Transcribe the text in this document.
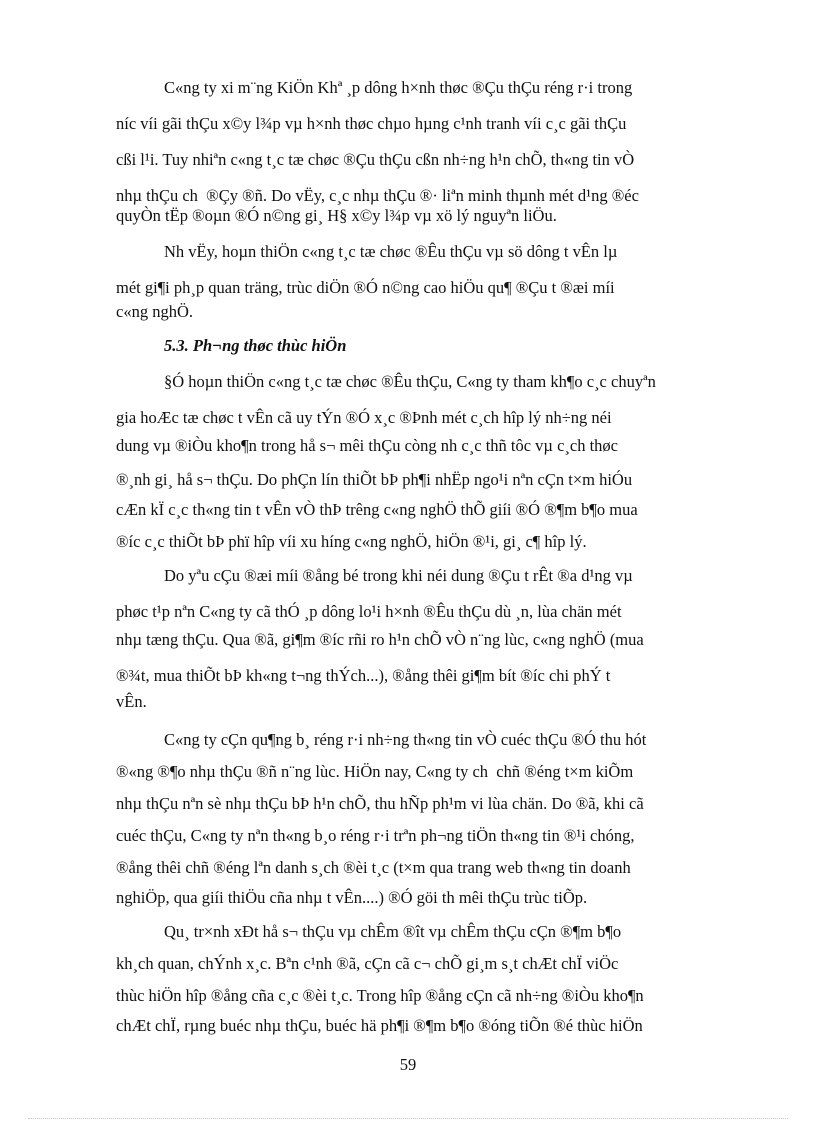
C«ng ty xi m¨ng KiÖn Khª ¸p dông h×nh thøc ®Çu thÇu réng r·i trong
níc víi gãi thÇu x©y l¾p vµ h×nh thøc chµo hµng c¹nh tranh víi c¸c gãi thÇu
cßi l¹i. Tuy nhiªn c«ng t¸c tæ chøc ®Çu thÇu cßn nh÷ng h¹n chÕ, th«ng tin vÒ
nhµ thÇu ch  ®Çy ®ñ. Do vËy, c¸c nhµ thÇu ®· liªn minh thµnh mét d¹ng ®éc
quyÒn tËp ®oµn ®Ó n©ng gi¸ H§ x©y l¾p vµ xö lý nguyªn liÖu.
Nh vËy, hoµn thiÖn c«ng t¸c tæ chøc ®Êu thÇu vµ sö dông t vÊn lµ
mét gi¶i ph¸p quan träng, trùc diÖn ®Ó n©ng cao hiÖu qu¶ ®Çu t ®æi míi
c«ng nghÖ.
5.3. Ph¬ng thøc thùc hiÖn
§Ó hoµn thiÖn c«ng t¸c tæ chøc ®Êu thÇu, C«ng ty tham kh¶o c¸c chuyªn
gia hoÆc tæ chøc t vÊn cã uy tÝn ®Ó x¸c ®Þnh mét c¸ch hîp lý nh÷ng néi
dung vµ ®iÒu kho¶n trong hå s¬ mêi thÇu còng nh c¸c thñ tôc vµ c¸ch thøc
®¸nh gi¸ hå s¬ thÇu. Do phÇn lín thiÕt bÞ ph¶i nhËp ngo¹i nªn cÇn t×m hiÓu
cÆn kÏ c¸c th«ng tin t vÊn vÒ thÞ trêng c«ng nghÖ thÕ giíi ®Ó ®¶m b¶o mua
®íc c¸c thiÕt bÞ phï hîp víi xu híng c«ng nghÖ, hiÖn ®¹i, gi¸ c¶ hîp lý.
Do yªu cÇu ®æi míi ®ång bé trong khi néi dung ®Çu t rÊt ®a d¹ng vµ
phøc t¹p nªn C«ng ty cã thÓ ¸p dông lo¹i h×nh ®Êu thÇu dù ¸n, lùa chän mét
nhµ tæng thÇu. Qua ®ã, gi¶m ®íc rñi ro h¹n chÕ vÒ n¨ng lùc, c«ng nghÖ (mua
®¾t, mua thiÕt bÞ kh«ng t¬ng thÝch...), ®ång thêi gi¶m bít ®íc chi phÝ t
vÊn.
C«ng ty cÇn qu¶ng b¸ réng r·i nh÷ng th«ng tin vÒ cuéc thÇu ®Ó thu hót
®«ng ®¶o nhµ thÇu ®ñ n¨ng lùc. HiÖn nay, C«ng ty ch  chñ ®éng t×m kiÕm
nhµ thÇu nªn sè nhµ thÇu bÞ h¹n chÕ, thu hÑp ph¹m vi lùa chän. Do ®ã, khi cã
cuéc thÇu, C«ng ty nªn th«ng b¸o réng r·i trªn ph¬ng tiÖn th«ng tin ®¹i chóng,
®ång thêi chñ ®éng lªn danh s¸ch ®èi t¸c (t×m qua trang web th«ng tin doanh
nghiÖp, qua giíi thiÖu cña nhµ t vÊn....) ®Ó göi th mêi thÇu trùc tiÕp.
Qu¸ tr×nh xÐt hå s¬ thÇu vµ chÊm ®ît vµ chÊm thÇu cÇn ®¶m b¶o
kh¸ch quan, chÝnh x¸c. Bªn c¹nh ®ã, cÇn cã c¬ chÕ gi¸m s¸t chÆt chÏ viÖc
thùc hiÖn hîp ®ång cña c¸c ®èi t¸c. Trong hîp ®ång cÇn cã nh÷ng ®iÒu kho¶n
chÆt chÏ, rµng buéc nhµ thÇu, buéc hä ph¶i ®¶m b¶o ®óng tiÕn ®é thùc hiÖn
59
